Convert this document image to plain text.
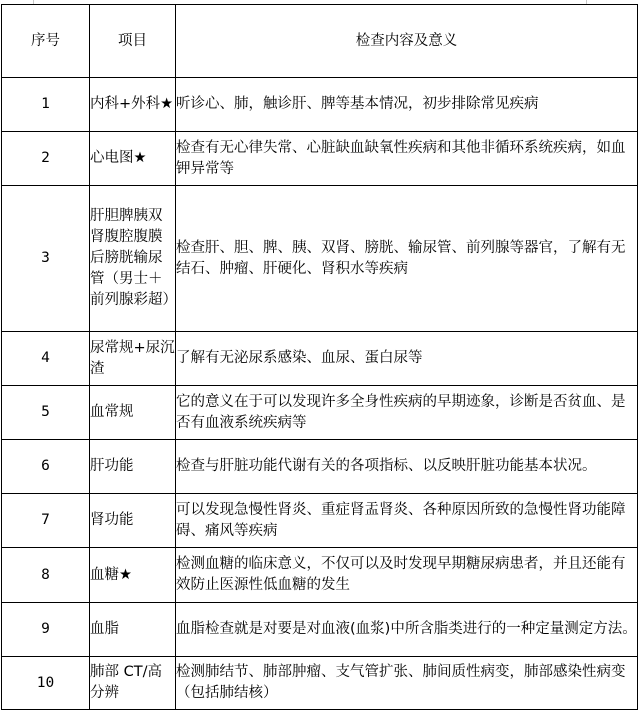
序号	项目	检查内容及意义
1	内科+外科★	听诊心、肺，触诊肝、脾等基本情况，初步排除常见疾病
2	心电图★	检查有无心律失常、心脏缺血缺氧性疾病和其他非循环系统疾病，如血钾异常等
3	肝胆脾胰双肾腹腔腹膜后膀胱输尿管（男士＋前列腺彩超）	检查肝、胆、脾、胰、双肾、膀胱、输尿管、前列腺等器官，了解有无结石、肿瘤、肝硬化、肾积水等疾病
4	尿常规+尿沉渣	了解有无泌尿系感染、血尿、蛋白尿等
5	血常规	它的意义在于可以发现许多全身性疾病的早期迹象，诊断是否贫血、是否有血液系统疾病等
6	肝功能	检查与肝脏功能代谢有关的各项指标、以反映肝脏功能基本状况。
7	肾功能	可以发现急慢性肾炎、重症肾盂肾炎、各种原因所致的急慢性肾功能障碍、痛风等疾病
8	血糖★	检测血糖的临床意义，不仅可以及时发现早期糖尿病患者，并且还能有效防止医源性低血糖的发生
9	血脂	血脂检查就是对要是对血液(血浆)中所含脂类进行的一种定量测定方法。
10	肺部 CT/高分辨	检测肺结节、肺部肿瘤、支气管扩张、肺间质性病变，肺部感染性病变（包括肺结核）
